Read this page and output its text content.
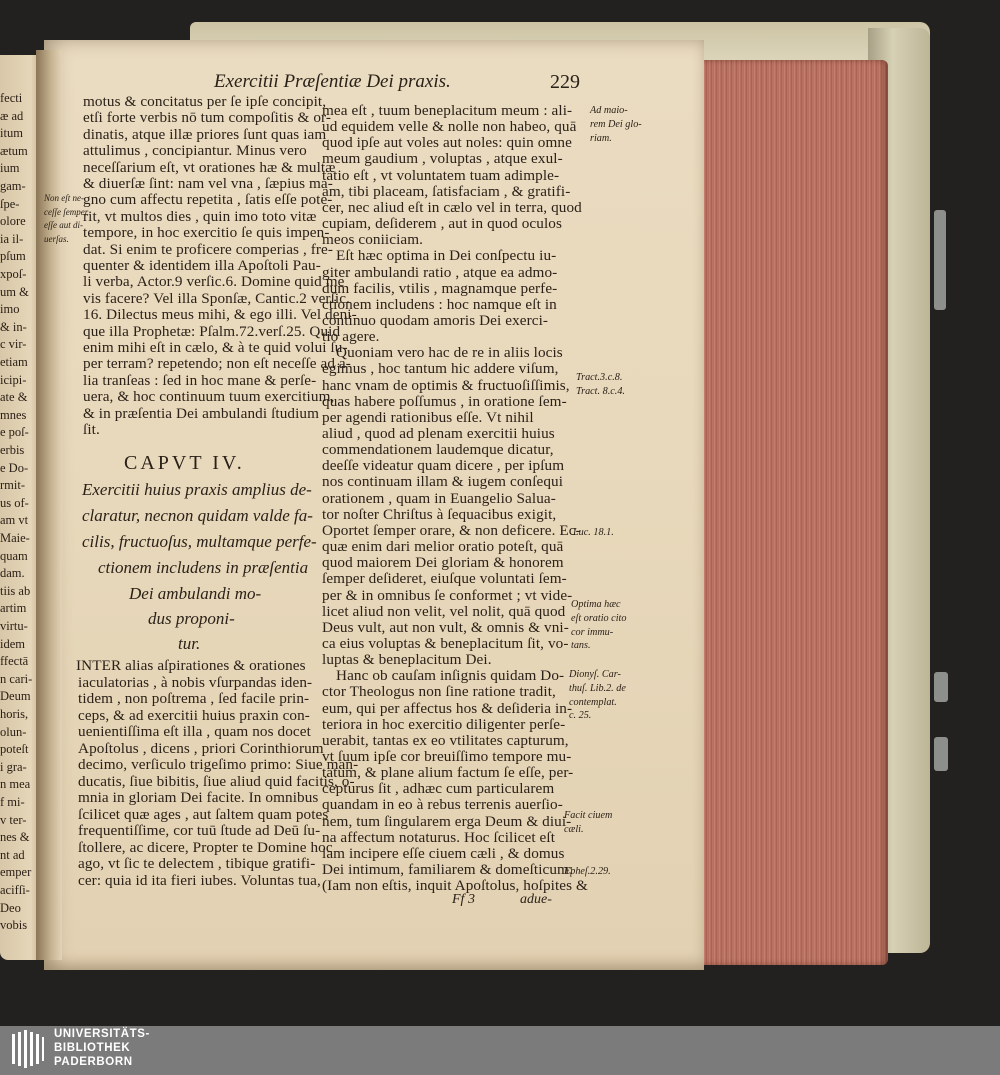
Exercitii Præſentiæ Dei praxis.	229
motus & concitatus per ſe ipſe concipit,
etſi forte verbis nō tum compoſitis & or-
dinatis, atque illæ priores ſunt quas iam
attulimus , concipiantur. Minus vero
neceſſarium eſt, vt orationes hæ & multæ
& diuerſæ ſint: nam vel vna , ſæpius ma-
gno cum affectu repetita , ſatis eſſe pote-
rit, vt multos dies , quin imo toto vitæ
tempore, in hoc exercitio ſe quis impen-
dat. Si enim te proficere comperias , fre-
quenter & identidem illa Apoſtoli Pau-
li verba, Actor.9 verſic.6. Domine quid me
vis facere? Vel illa Sponſæ, Cantic.2 verſic.
16. Dilectus meus mihi, & ego illi. Vel deni-
que illa Prophetæ: Pſalm.72.verſ.25. Quid
enim mihi eſt in cælo, & à te quid volui ſu-
per terram? repetendo; non eſt neceſſe ad a-
lia tranſeas : ſed in hoc mane & perſe-
uera, & hoc continuum tuum exercitium,
& in præſentia Dei ambulandi ſtudium
ſit.
Non eſt ne-
ceſſe ſemper
eſſe aut di-
uerſas.
CAPVT IV.
Exercitii huius praxis amplius de-
claratur, necnon quidam valde fa-
cilis, fructuoſus, multamque perfe-
ctionem includens in præſentia
Dei ambulandi mo-
dus proponi-
tur.
INTER alias aſpirationes & orationes
iaculatorias , à nobis vſurpandas iden-
tidem , non poſtrema , ſed facile prin-
ceps, & ad exercitii huius praxin con-
uenientiſſima eſt illa , quam nos docet
Apoſtolus , dicens , priori Corinthiorum
decimo, verſiculo trigeſimo primo: Siue man-
ducatis, ſiue bibitis, ſiue aliud quid facitis, o-
mnia in gloriam Dei facite. In omnibus
ſcilicet quæ ages , aut ſaltem quam potes
frequentiſſime, cor tuū ſtude ad Deū ſu-
ſtollere, ac dicere, Propter te Domine hoc
ago, vt ſic te delectem , tibique gratifi-
cer: quia id ita fieri iubes. Voluntas tua,
mea eſt , tuum beneplacitum meum : ali-
ud equidem velle & nolle non habeo, quā
quod ipſe aut voles aut noles: quin omne
meum gaudium , voluptas , atque exul-
tatio eſt , vt voluntatem tuam adimple-
am, tibi placeam, ſatisfaciam , & gratifi-
cer, nec aliud eſt in cælo vel in terra, quod
cupiam, deſiderem , aut in quod oculos
meos coniiciam.
Eſt hæc optima in Dei conſpectu iu-
giter ambulandi ratio , atque ea admo-
dum facilis, vtilis , magnamque perfe-
ctionem includens : hoc namque eſt in
continuo quodam amoris Dei exerci-
tio agere.
Quoniam vero hac de re in aliis locis
egimus , hoc tantum hic addere viſum,
hanc vnam de optimis & fructuoſiſſimis,
quas habere poſſumus , in oratione ſem-
per agendi rationibus eſſe. Vt nihil
aliud , quod ad plenam exercitii huius
commendationem laudemque dicatur,
deeſſe videatur quam dicere , per ipſum
nos continuam illam & iugem conſequi
orationem , quam in Euangelio Salua-
tor noſter Chriſtus à ſequacibus exigit,
Oportet ſemper orare, & non deficere. Ec-
quæ enim dari melior oratio poteſt, quā
quod maiorem Dei gloriam & honorem
ſemper deſideret, eiuſque voluntati ſem-
per & in omnibus ſe conformet ; vt vide-
licet aliud non velit, vel nolit, quā quod
Deus vult, aut non vult, & omnis & vni-
ca eius voluptas & beneplacitum ſit, vo-
luptas & beneplacitum Dei.
Hanc ob cauſam inſignis quidam Do-
ctor Theologus non ſine ratione tradit,
eum, qui per affectus hos & deſideria in-
teriora in hoc exercitio diligenter perſe-
uerabit, tantas ex eo vtilitates capturum,
vt ſuum ipſe cor breuiſſimo tempore mu-
tatum, & plane alium factum ſe eſſe, per-
cepturus ſit , adhæc cum particularem
quandam in eo à rebus terrenis auerſio-
nem, tum ſingularem erga Deum & diui-
na affectum notaturus. Hoc ſcilicet eſt
iam incipere eſſe ciuem cæli , & domus
Dei intimum, familiarem & domeſticum:
(Iam non eſtis, inquit Apoſtolus, hoſpites &
Ad maio-
rem Dei glo-
riam.
Tract.3.c.8.
Tract. 8.c.4.
Luc. 18.1.
Optima hæc
eſt oratio cito
cor immu-
tans.
Dionyſ. Car-
thuſ. Lib.2. de
contemplat.
c. 25.
Facit ciuem
cæli.
Epheſ.2.29.
Ff 3	adue-
UNIVERSITÄTS-
BIBLIOTHEK
PADERBORN
fecti
æ ad
itum
ætum
ium
gam-
ſpe-
olore
ia il-
pſum
xpoſ-
um &
imo
& in-
c vir-
etiam
icipi-
ate &
mnes
e poſ-
erbis
e Do-
rmit-
us of-
am vt
Maie-
quam
dam.
tiis ab
artim
virtu-
idem
ffectā
n cari-
Deum
horis,
olun-
poteſt
i gra-
n mea
f mi-
v ter-
nes &
nt ad
emper
acifſi-
Deo
vobis
